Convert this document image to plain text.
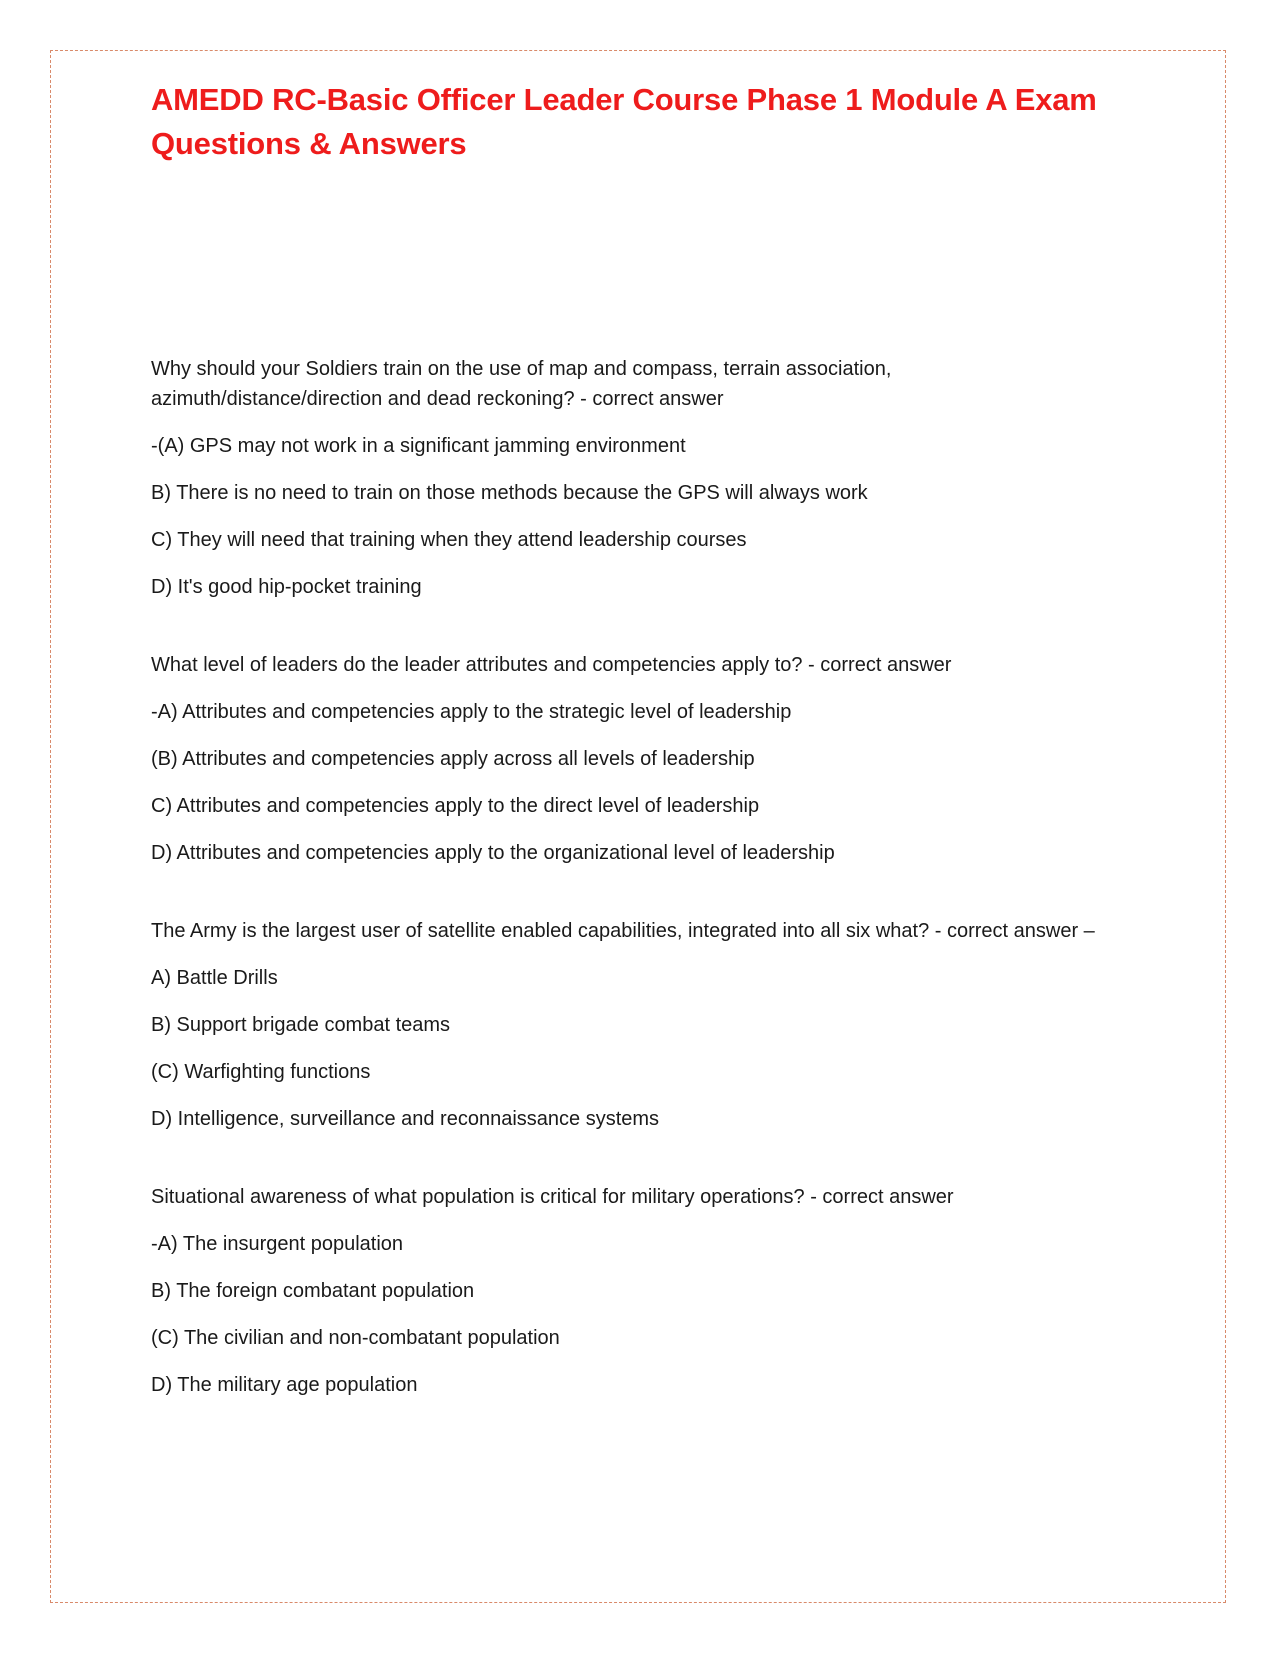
AMEDD RC-Basic Officer Leader Course Phase 1 Module A Exam Questions & Answers

Why should your Soldiers train on the use of map and compass, terrain association, azimuth/distance/direction and dead reckoning? - correct answer

-(A) GPS may not work in a significant jamming environment

B) There is no need to train on those methods because the GPS will always work

C) They will need that training when they attend leadership courses

D) It's good hip-pocket training

What level of leaders do the leader attributes and competencies apply to? - correct answer

-A) Attributes and competencies apply to the strategic level of leadership

(B) Attributes and competencies apply across all levels of leadership

C) Attributes and competencies apply to the direct level of leadership

D) Attributes and competencies apply to the organizational level of leadership

The Army is the largest user of satellite enabled capabilities, integrated into all six what? - correct answer –

A) Battle Drills

B) Support brigade combat teams

(C) Warfighting functions

D) Intelligence, surveillance and reconnaissance systems

Situational awareness of what population is critical for military operations? - correct answer

-A) The insurgent population

B) The foreign combatant population

(C) The civilian and non-combatant population

D) The military age population
